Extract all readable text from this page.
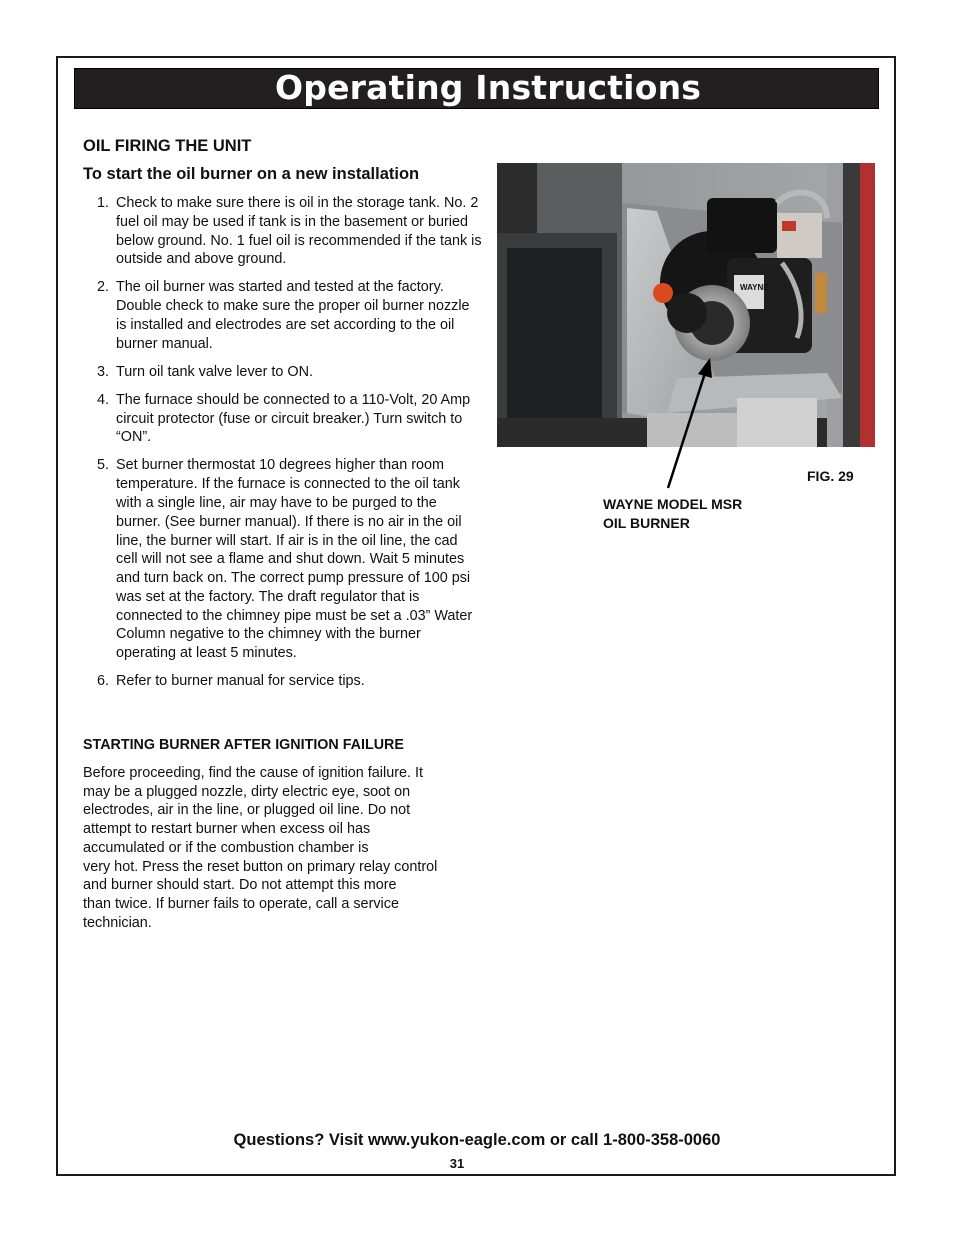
Operating Instructions

OIL FIRING THE UNIT

To start the oil burner on a new installation

1. Check to make sure there is oil in the storage tank. No. 2 fuel oil may be used if tank is in the basement or buried below ground. No. 1 fuel oil is recommended if the tank is outside and above ground.
2. The oil burner was started and tested at the factory. Double check to make sure the proper oil burner nozzle is installed and electrodes are set according to the oil burner manual.
3. Turn oil tank valve lever to ON.
4. The furnace should be connected to a 110-Volt, 20 Amp circuit protector (fuse or circuit breaker.) Turn switch to “ON”.
5. Set burner thermostat 10 degrees higher than room temperature. If the furnace is connected to the oil tank with a single line, air may have to be purged to the burner. (See burner manual). If there is no air in the oil line, the burner will start. If air is in the oil line, the cad cell will not see a flame and shut down. Wait 5 minutes and turn back on. The correct pump pressure of 100 psi was set at the factory. The draft regulator that is connected to the chimney pipe must be set a .03” Water Column negative to the chimney with the burner operating at least 5 minutes.
6. Refer to burner manual for service tips.

STARTING BURNER AFTER IGNITION FAILURE

Before proceeding, find the cause of ignition failure. It
may be a plugged nozzle, dirty electric eye, soot on
electrodes, air in the line, or plugged oil line. Do not
attempt to restart burner when excess oil has
accumulated or if the combustion chamber is
very hot. Press the reset button on primary relay control
and burner should start. Do not attempt this more
than twice. If burner fails to operate, call a service
technician.

WAYNE

FIG. 29

WAYNE MODEL MSR
OIL BURNER

Questions? Visit www.yukon-eagle.com or call 1-800-358-0060

31
